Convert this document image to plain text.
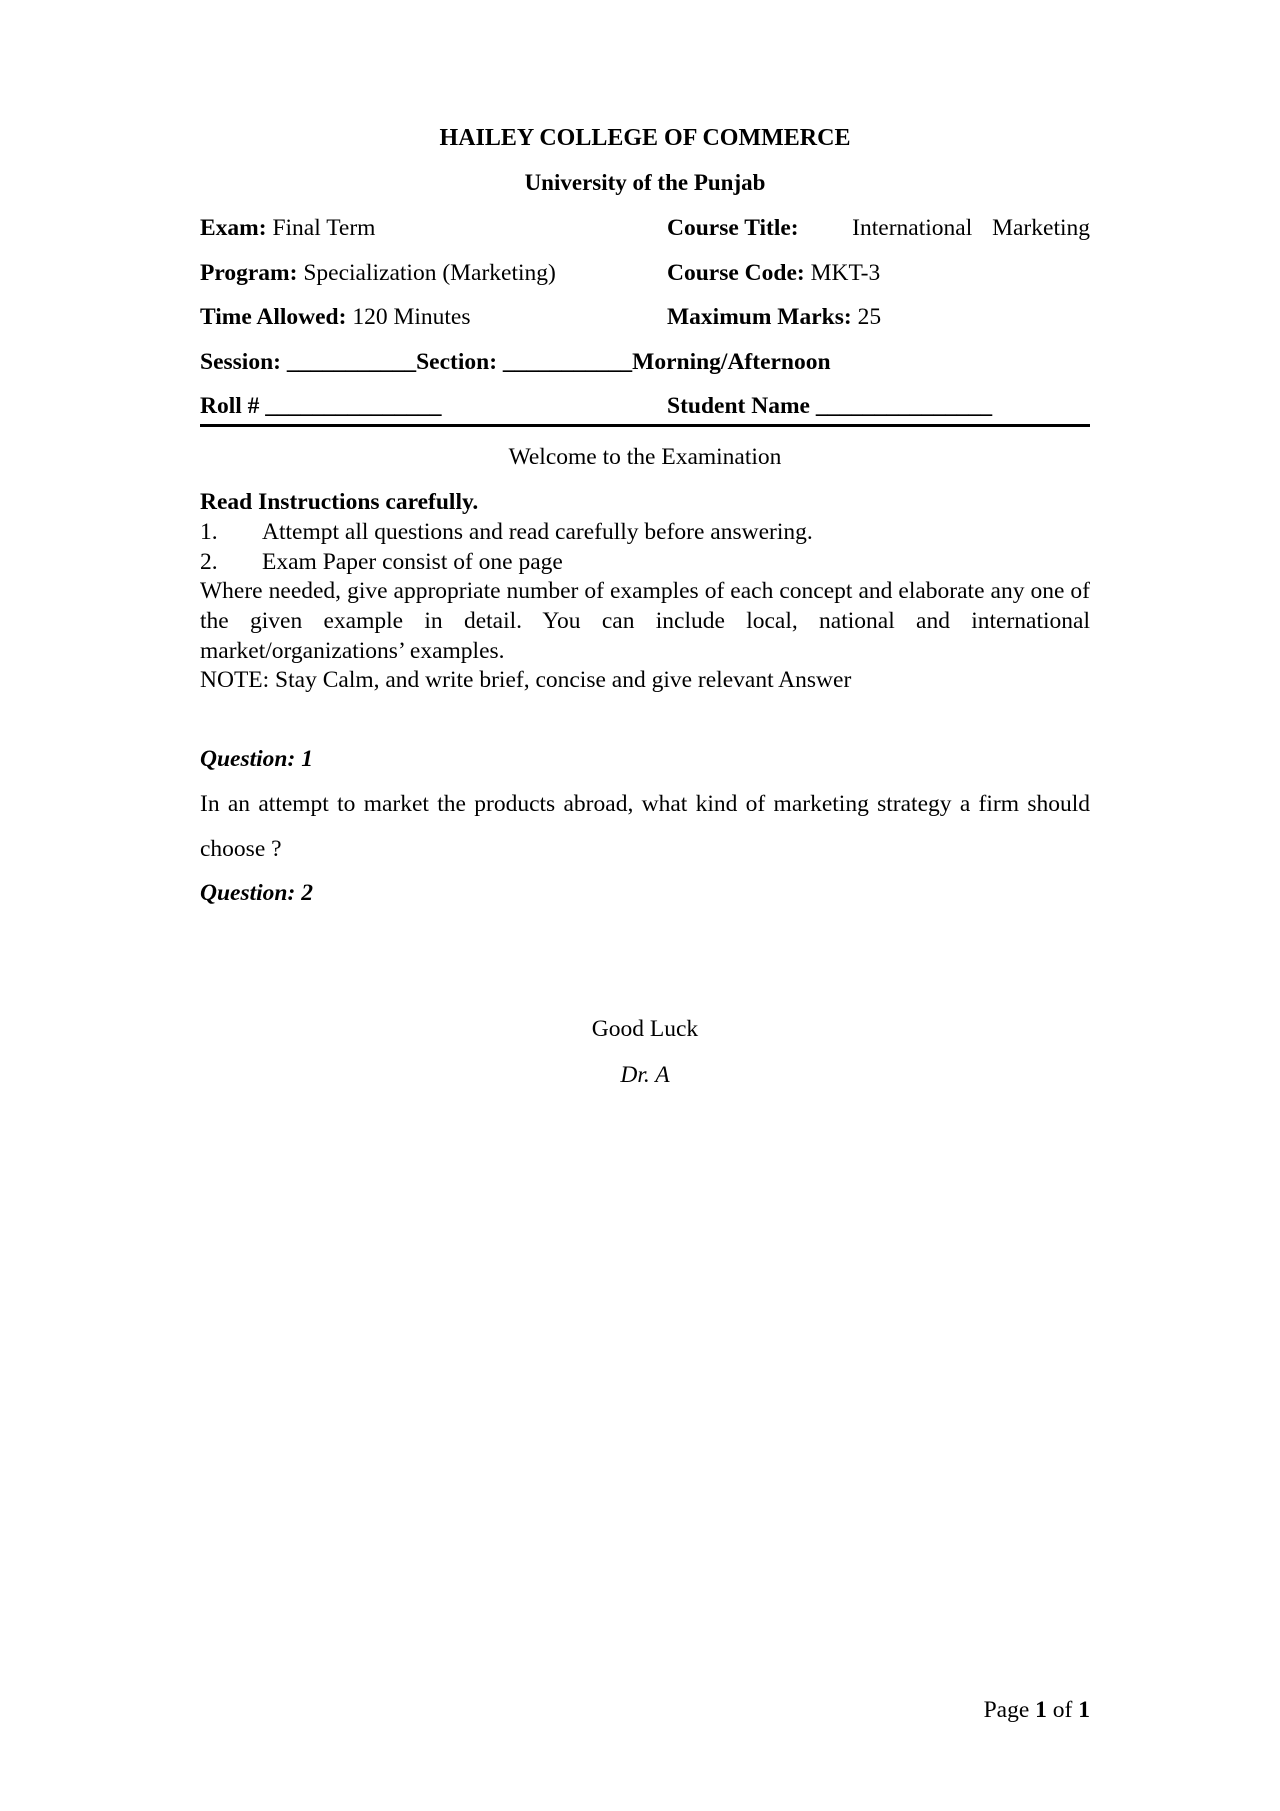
HAILEY COLLEGE OF COMMERCE
University of the Punjab
Exam: Final Term	Course Title: International Marketing
Program: Specialization (Marketing)	Course Code: MKT-3
Time Allowed: 120 Minutes	Maximum Marks: 25
Session: ___________Section: ___________Morning/Afternoon
Roll # _______________	Student Name _______________
Welcome to the Examination
Read Instructions carefully.
1. Attempt all questions and read carefully before answering.
2. Exam Paper consist of one page
Where needed, give appropriate number of examples of each concept and elaborate any one of the given example in detail. You can include local, national and international market/organizations’ examples.
NOTE: Stay Calm, and write brief, concise and give relevant Answer
Question: 1
In an attempt to market the products abroad, what kind of marketing strategy a firm should choose ?
Question: 2
Good Luck
Dr. A
Page 1 of 1
